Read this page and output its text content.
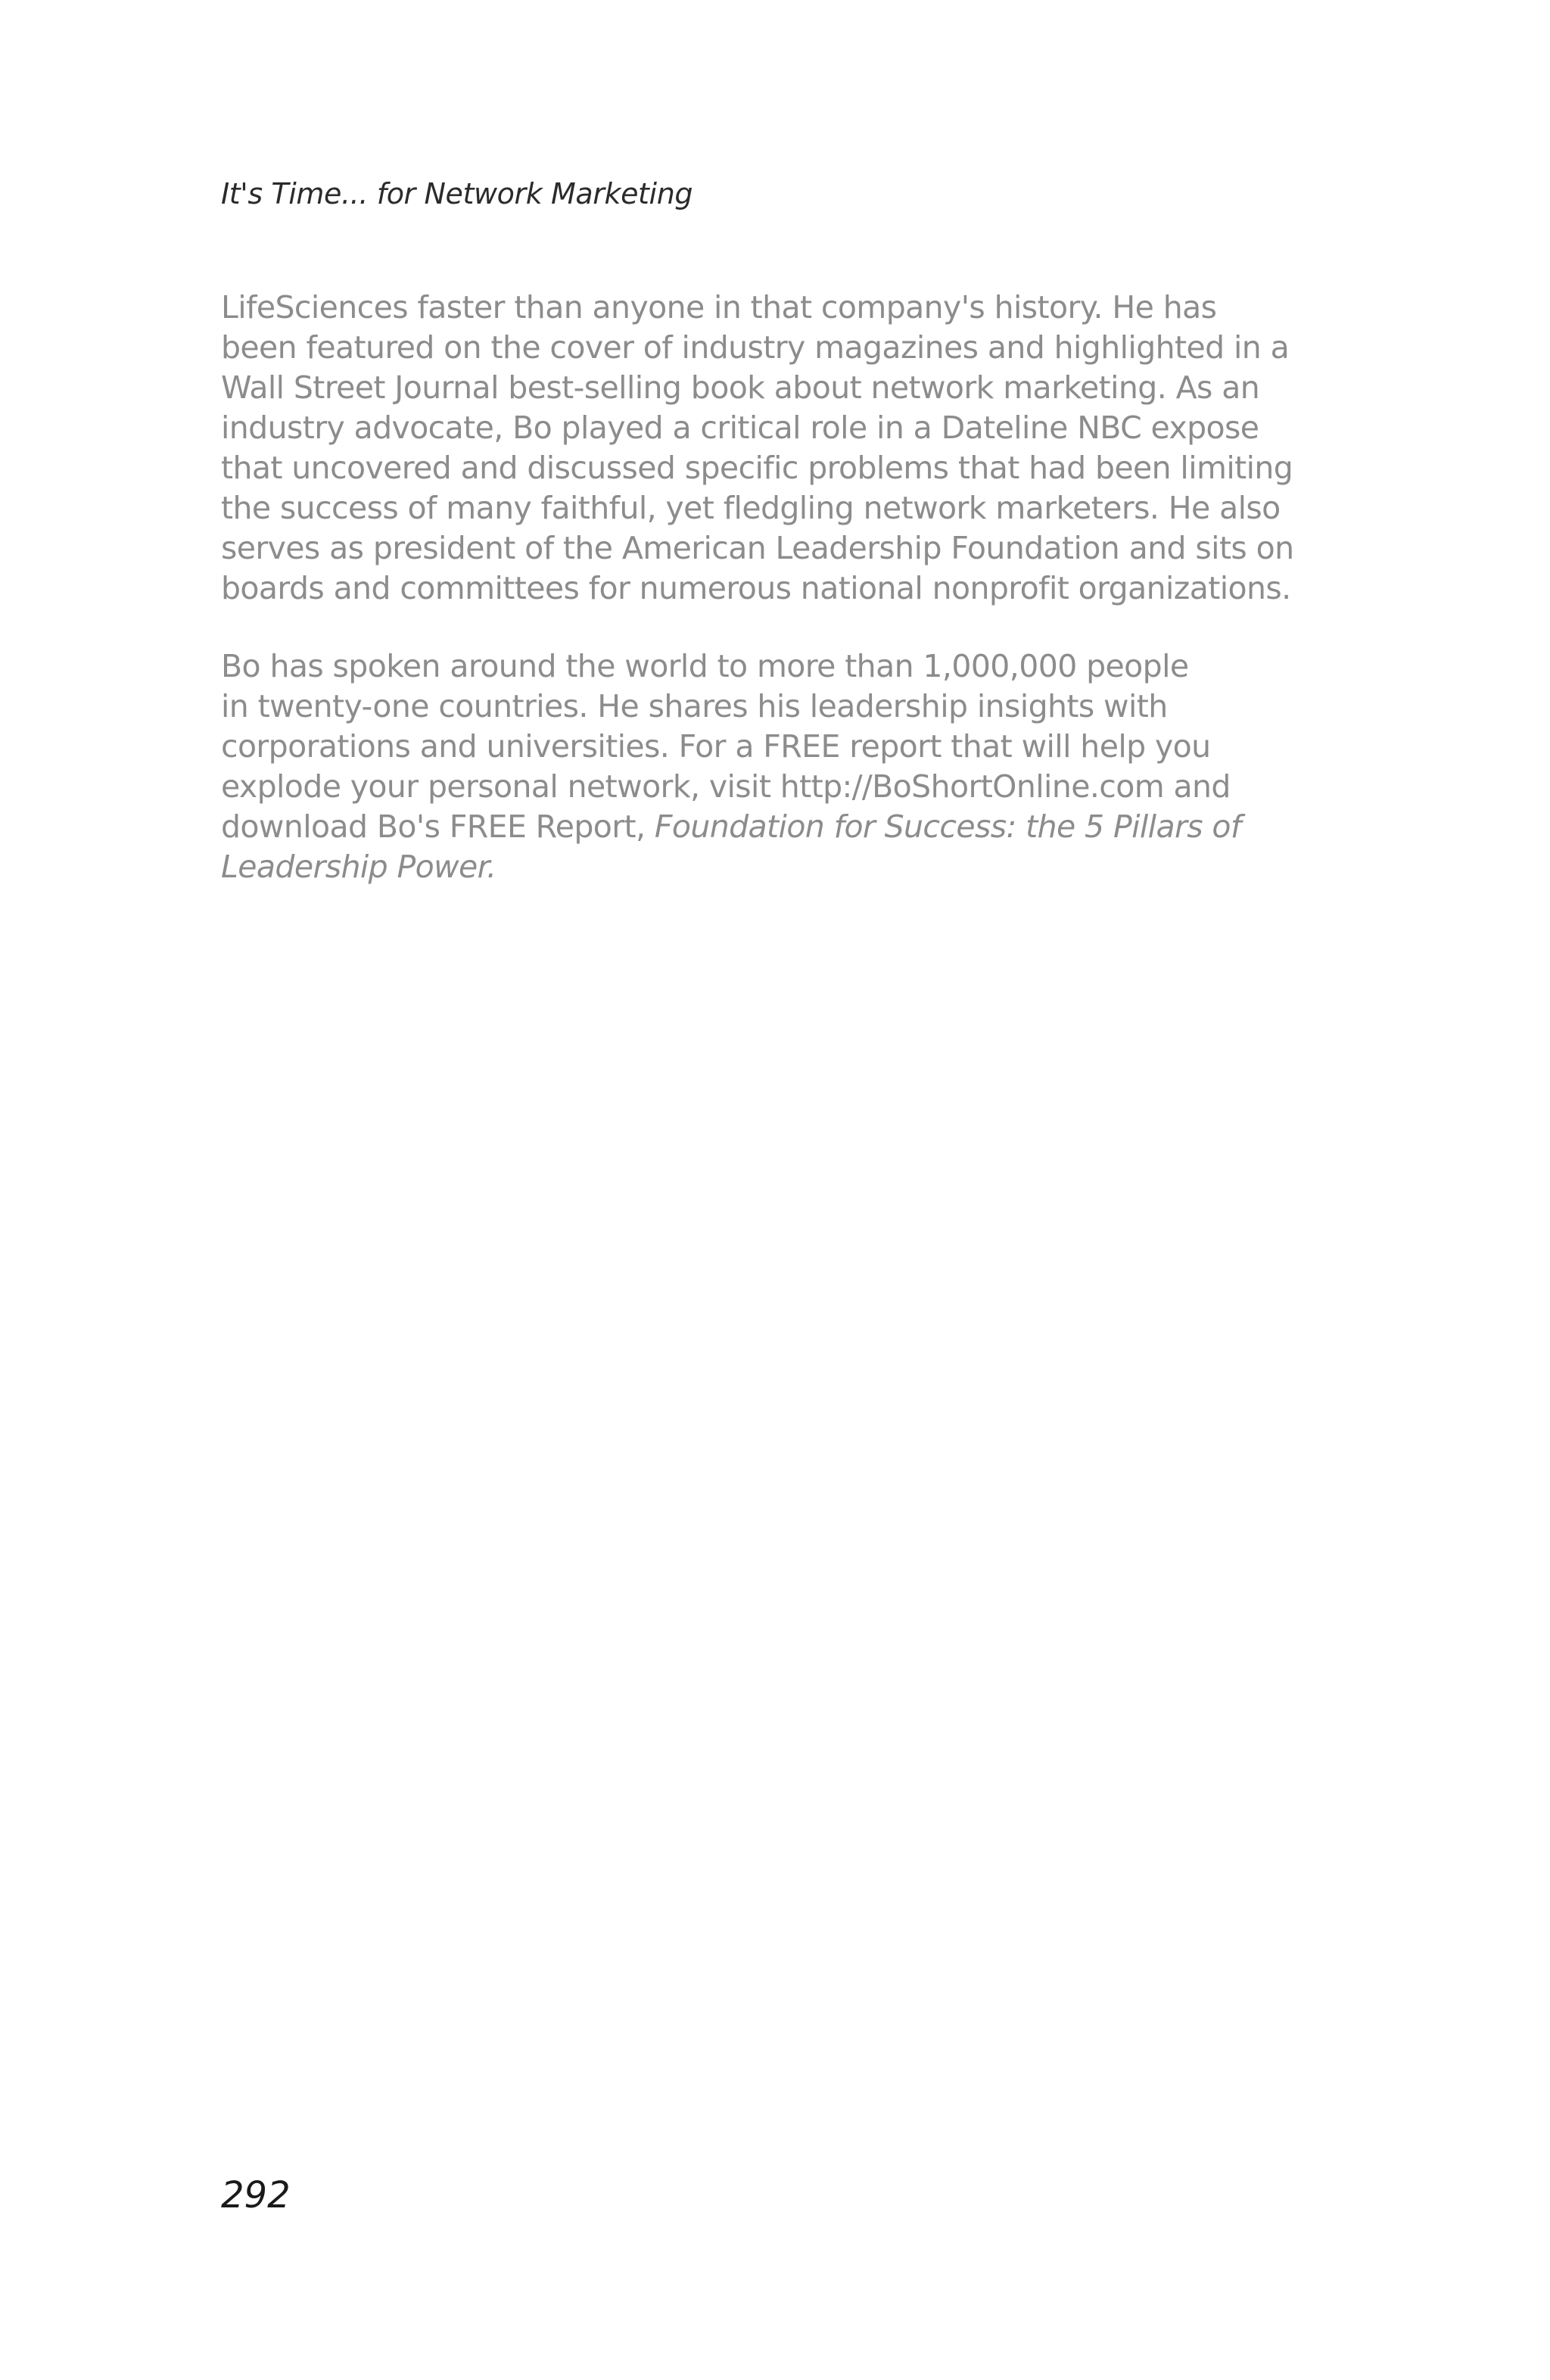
It's Time... for Network Marketing
LifeSciences faster than anyone in that company's history. He has
been featured on the cover of industry magazines and highlighted in a
Wall Street Journal best-selling book about network marketing. As an
industry advocate, Bo played a critical role in a Dateline NBC expose
that uncovered and discussed specific problems that had been limiting
the success of many faithful, yet fledgling network marketers. He also
serves as president of the American Leadership Foundation and sits on
boards and committees for numerous national nonprofit organizations.
Bo has spoken around the world to more than 1,000,000 people
in twenty-one countries. He shares his leadership insights with
corporations and universities. For a FREE report that will help you
explode your personal network, visit http://BoShortOnline.com and
download Bo's FREE Report, Foundation for Success: the 5 Pillars of
Leadership Power.
292
